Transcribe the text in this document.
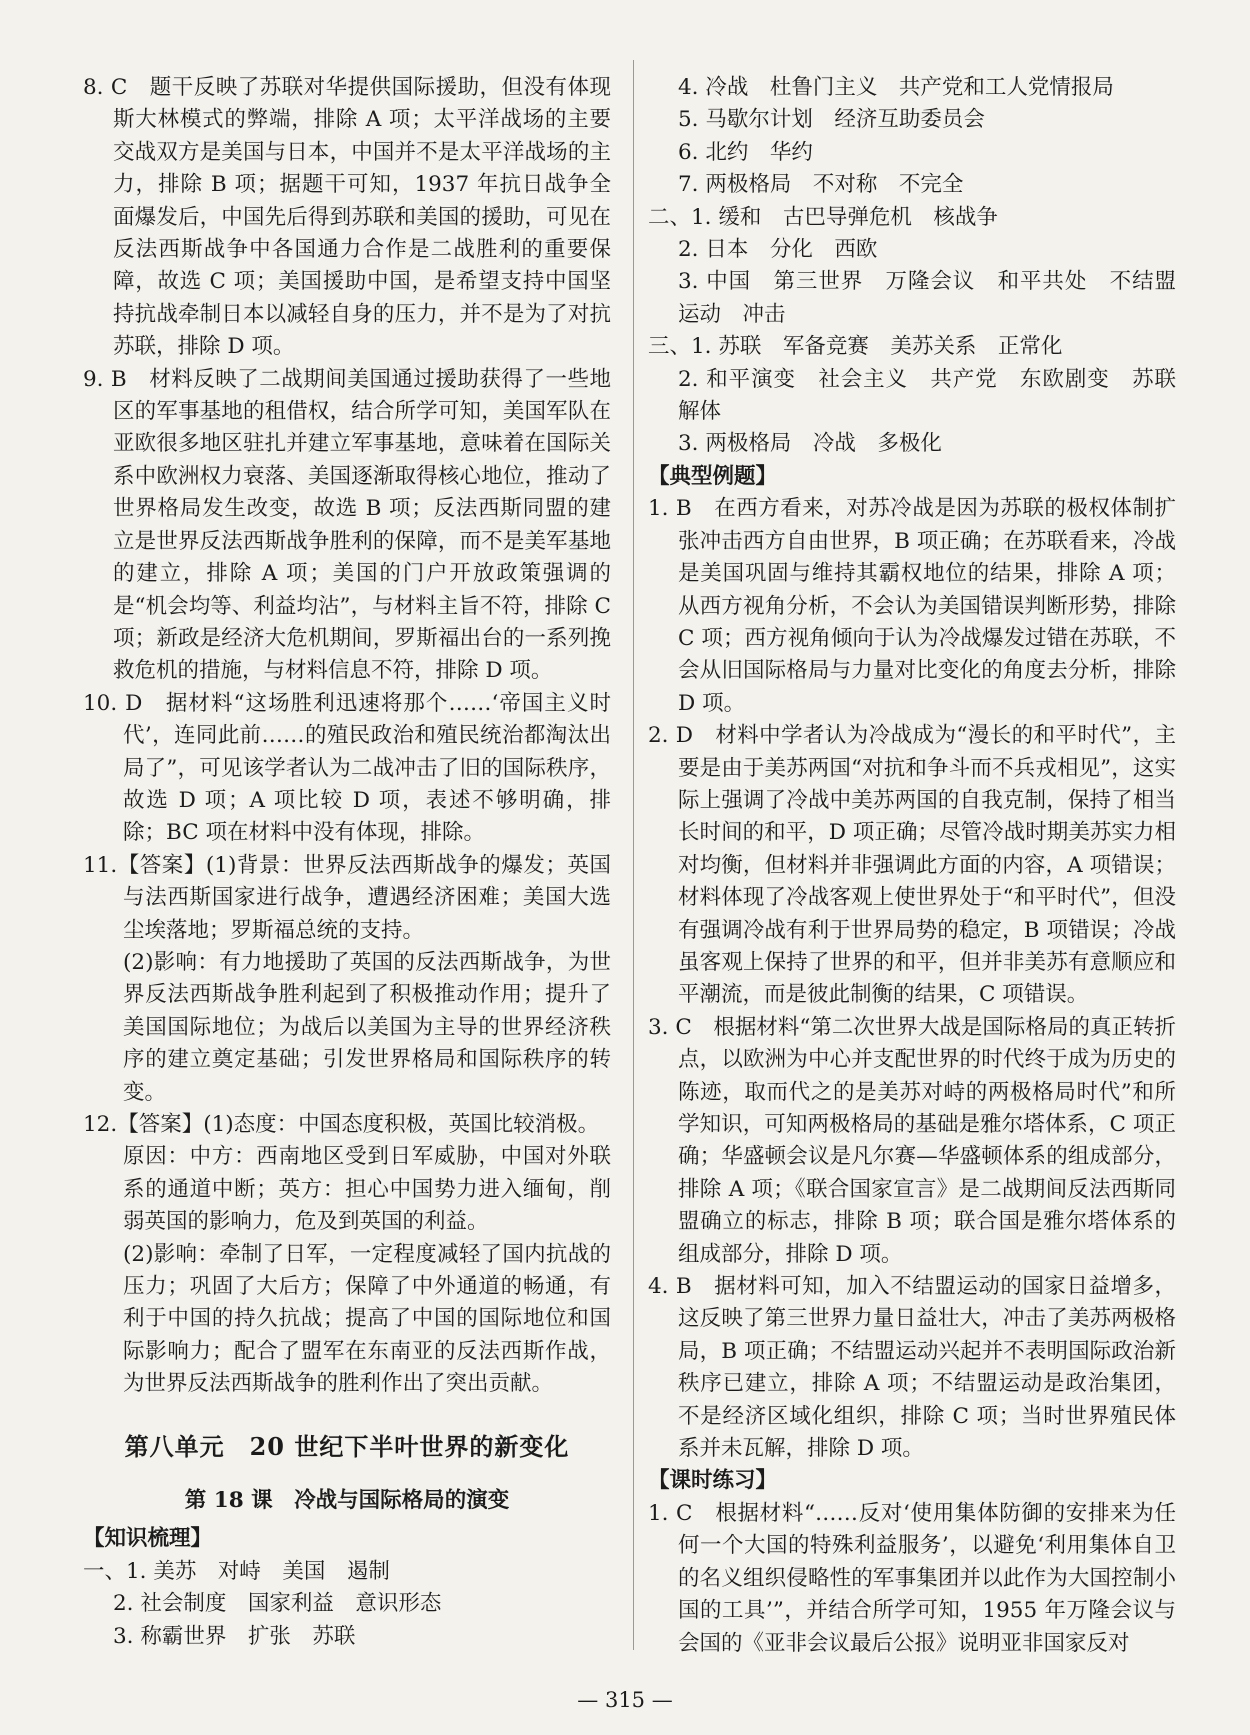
8. C　题干反映了苏联对华提供国际援助，但没有体现斯大林模式的弊端，排除 A 项；太平洋战场的主要交战双方是美国与日本，中国并不是太平洋战场的主力，排除 B 项；据题干可知，1937 年抗日战争全面爆发后，中国先后得到苏联和美国的援助，可见在反法西斯战争中各国通力合作是二战胜利的重要保障，故选 C 项；美国援助中国，是希望支持中国坚持抗战牵制日本以减轻自身的压力，并不是为了对抗苏联，排除 D 项。

9. B　材料反映了二战期间美国通过援助获得了一些地区的军事基地的租借权，结合所学可知，美国军队在亚欧很多地区驻扎并建立军事基地，意味着在国际关系中欧洲权力衰落、美国逐渐取得核心地位，推动了世界格局发生改变，故选 B 项；反法西斯同盟的建立是世界反法西斯战争胜利的保障，而不是美军基地的建立，排除 A 项；美国的门户开放政策强调的是“机会均等、利益均沾”，与材料主旨不符，排除 C 项；新政是经济大危机期间，罗斯福出台的一系列挽救危机的措施，与材料信息不符，排除 D 项。

10. D　据材料“这场胜利迅速将那个……‘帝国主义时代’，连同此前……的殖民政治和殖民统治都淘汰出局了”，可见该学者认为二战冲击了旧的国际秩序，故选 D 项；A 项比较 D 项，表述不够明确，排除；BC 项在材料中没有体现，排除。

11.【答案】(1)背景：世界反法西斯战争的爆发；英国与法西斯国家进行战争，遭遇经济困难；美国大选尘埃落地；罗斯福总统的支持。

(2)影响：有力地援助了英国的反法西斯战争，为世界反法西斯战争胜利起到了积极推动作用；提升了美国国际地位；为战后以美国为主导的世界经济秩序的建立奠定基础；引发世界格局和国际秩序的转变。

12.【答案】(1)态度：中国态度积极，英国比较消极。

原因：中方：西南地区受到日军威胁，中国对外联系的通道中断；英方：担心中国势力进入缅甸，削弱英国的影响力，危及到英国的利益。

(2)影响：牵制了日军，一定程度减轻了国内抗战的压力；巩固了大后方；保障了中外通道的畅通，有利于中国的持久抗战；提高了中国的国际地位和国际影响力；配合了盟军在东南亚的反法西斯作战，为世界反法西斯战争的胜利作出了突出贡献。

第八单元　20 世纪下半叶世界的新变化
第 18 课　冷战与国际格局的演变

【知识梳理】

一、1. 美苏　对峙　美国　遏制

2. 社会制度　国家利益　意识形态

3. 称霸世界　扩张　苏联

4. 冷战　杜鲁门主义　共产党和工人党情报局

5. 马歇尔计划　经济互助委员会

6. 北约　华约

7. 两极格局　不对称　不完全

二、1. 缓和　古巴导弹危机　核战争

2. 日本　分化　西欧

3. 中国　第三世界　万隆会议　和平共处　不结盟运动　冲击

三、1. 苏联　军备竞赛　美苏关系　正常化

2. 和平演变　社会主义　共产党　东欧剧变　苏联解体

3. 两极格局　冷战　多极化

【典型例题】

1. B　在西方看来，对苏冷战是因为苏联的极权体制扩张冲击西方自由世界，B 项正确；在苏联看来，冷战是美国巩固与维持其霸权地位的结果，排除 A 项；从西方视角分析，不会认为美国错误判断形势，排除 C 项；西方视角倾向于认为冷战爆发过错在苏联，不会从旧国际格局与力量对比变化的角度去分析，排除 D 项。

2. D　材料中学者认为冷战成为“漫长的和平时代”，主要是由于美苏两国“对抗和争斗而不兵戎相见”，这实际上强调了冷战中美苏两国的自我克制，保持了相当长时间的和平，D 项正确；尽管冷战时期美苏实力相对均衡，但材料并非强调此方面的内容，A 项错误；材料体现了冷战客观上使世界处于“和平时代”，但没有强调冷战有利于世界局势的稳定，B 项错误；冷战虽客观上保持了世界的和平，但并非美苏有意顺应和平潮流，而是彼此制衡的结果，C 项错误。

3. C　根据材料“第二次世界大战是国际格局的真正转折点，以欧洲为中心并支配世界的时代终于成为历史的陈迹，取而代之的是美苏对峙的两极格局时代”和所学知识，可知两极格局的基础是雅尔塔体系，C 项正确；华盛顿会议是凡尔赛—华盛顿体系的组成部分，排除 A 项；《联合国家宣言》是二战期间反法西斯同盟确立的标志，排除 B 项；联合国是雅尔塔体系的组成部分，排除 D 项。

4. B　据材料可知，加入不结盟运动的国家日益增多，这反映了第三世界力量日益壮大，冲击了美苏两极格局，B 项正确；不结盟运动兴起并不表明国际政治新秩序已建立，排除 A 项；不结盟运动是政治集团，不是经济区域化组织，排除 C 项；当时世界殖民体系并未瓦解，排除 D 项。

【课时练习】

1. C　根据材料“……反对‘使用集体防御的安排来为任何一个大国的特殊利益服务’，以避免‘利用集体自卫的名义组织侵略性的军事集团并以此作为大国控制小国的工具’”，并结合所学可知，1955 年万隆会议与会国的《亚非会议最后公报》说明亚非国家反对

— 315 —
